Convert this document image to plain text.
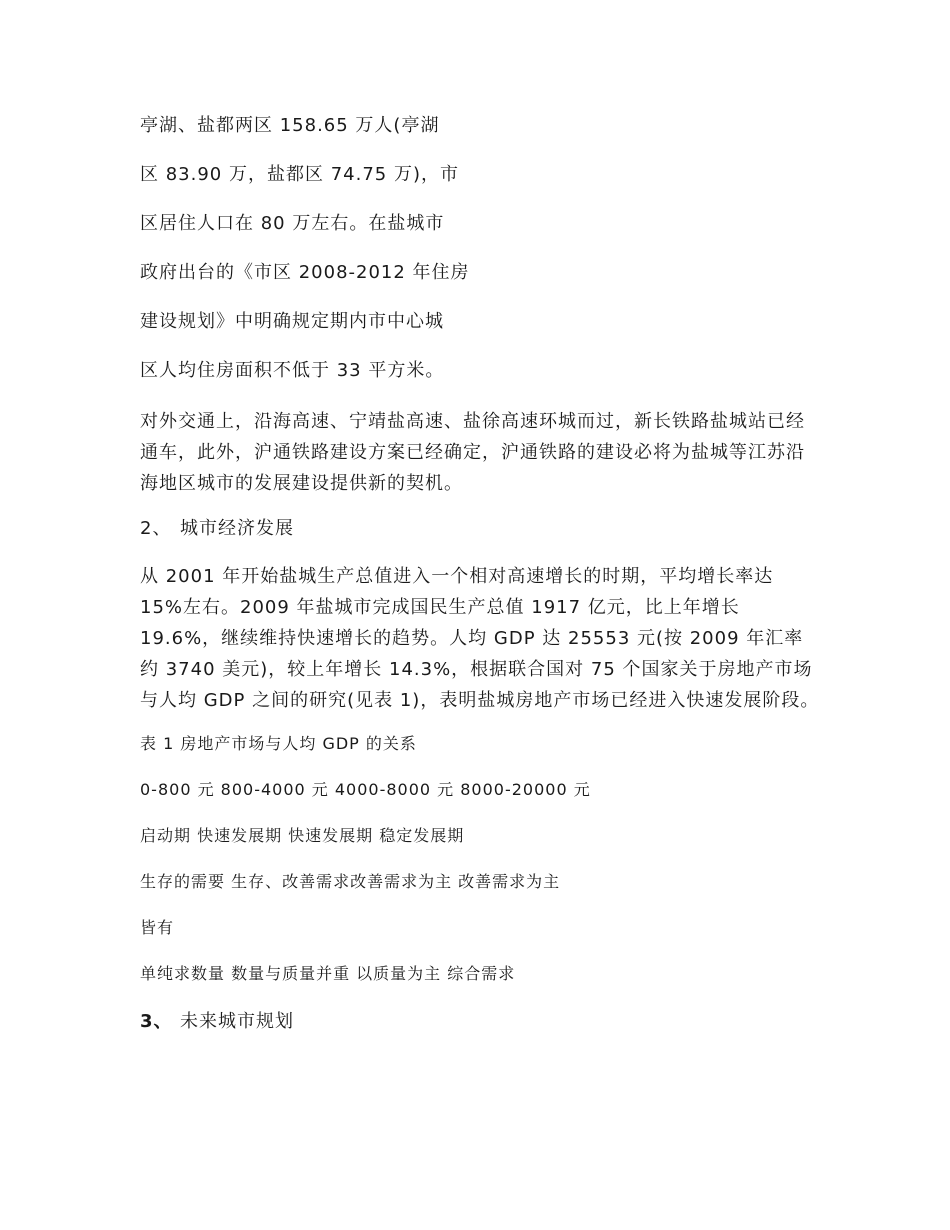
亭湖、盐都两区 158.65 万人(亭湖

区 83.90 万，盐都区 74.75 万)，市

区居住人口在 80 万左右。在盐城市

政府出台的《市区 2008-2012 年住房

建设规划》中明确规定期内市中心城

区人均住房面积不低于 33 平方米。

对外交通上，沿海高速、宁靖盐高速、盐徐高速环城而过，新长铁路盐城站已经通车，此外，沪通铁路建设方案已经确定，沪通铁路的建设必将为盐城等江苏沿海地区城市的发展建设提供新的契机。

2、 城市经济发展

从 2001 年开始盐城生产总值进入一个相对高速增长的时期，平均增长率达 15%左右。2009 年盐城市完成国民生产总值 1917 亿元，比上年增长 19.6%，继续维持快速增长的趋势。人均 GDP 达 25553 元(按 2009 年汇率约 3740 美元)，较上年增长 14.3%，根据联合国对 75 个国家关于房地产市场与人均 GDP 之间的研究(见表 1)，表明盐城房地产市场已经进入快速发展阶段。

表 1 房地产市场与人均 GDP 的关系

0-800 元 800-4000 元 4000-8000 元 8000-20000 元

启动期 快速发展期 快速发展期 稳定发展期

生存的需要 生存、改善需求改善需求为主 改善需求为主

皆有

单纯求数量 数量与质量并重 以质量为主 综合需求

3、 未来城市规划
